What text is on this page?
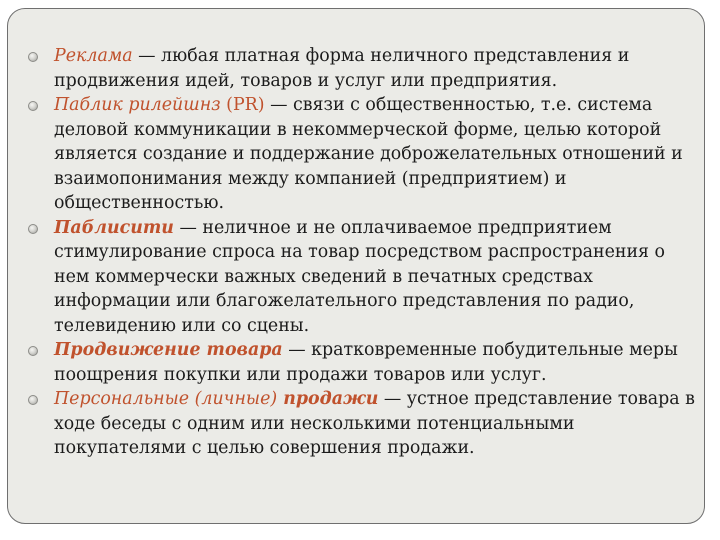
Реклама — любая платная форма неличного представления и продвижения идей, товаров и услуг или предприятия.
Паблик рилейшнз (PR) — связи с общественностью, т.е. система деловой коммуникации в некоммерческой форме, целью которой является создание и поддержание доброжелательных отношений и взаимопонимания между компанией (предприятием) и общественностью.
Паблисити — неличное и не оплачиваемое предприятием стимулирование спроса на товар посредством распространения о нем коммерчески важных сведений в печатных средствах информации или благожелательного представления по радио, телевидению или со сцены.
Продвижение товара — кратковременные побудительные меры поощрения покупки или продажи товаров или услуг.
Персональные (личные) продажи — устное представление товара в ходе беседы с одним или несколькими потенциальными покупателями с целью совершения продажи.
